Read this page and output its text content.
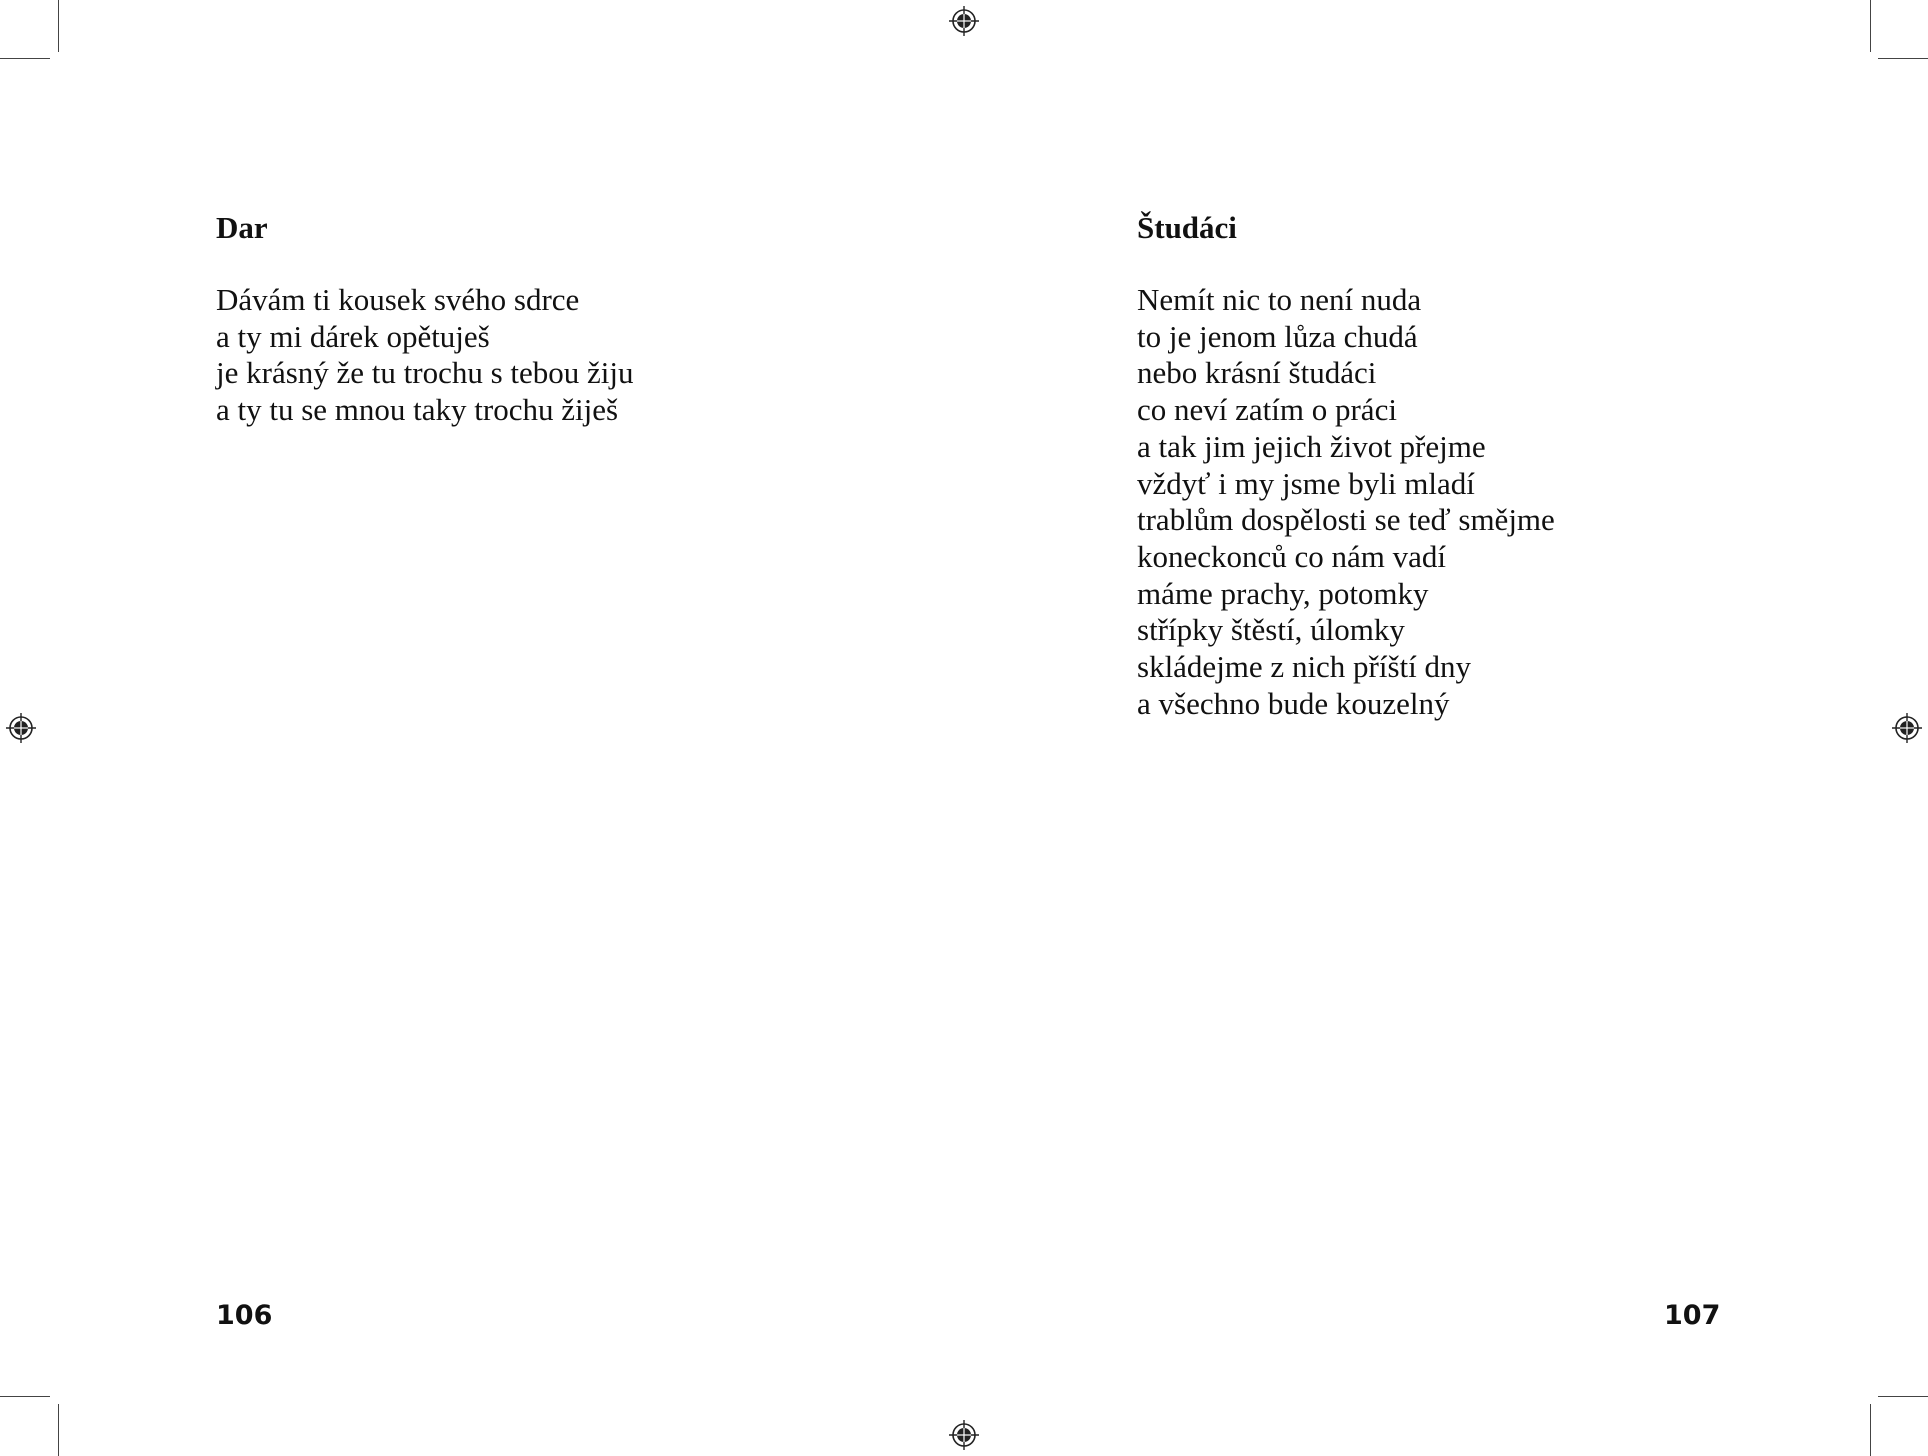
Dar
Dávám ti kousek svého sdrce
a ty mi dárek opětuješ
je krásný že tu trochu s tebou žiju
a ty tu se mnou taky trochu žiješ
106
Študáci
Nemít nic to není nuda
to je jenom lůza chudá
nebo krásní študáci
co neví zatím o práci
a tak jim jejich život přejme
vždyť i my jsme byli mladí
trablům dospělosti se teď smějme
koneckonců co nám vadí
máme prachy, potomky
střípky štěstí, úlomky
skládejme z nich příští dny
a všechno bude kouzelný
107
